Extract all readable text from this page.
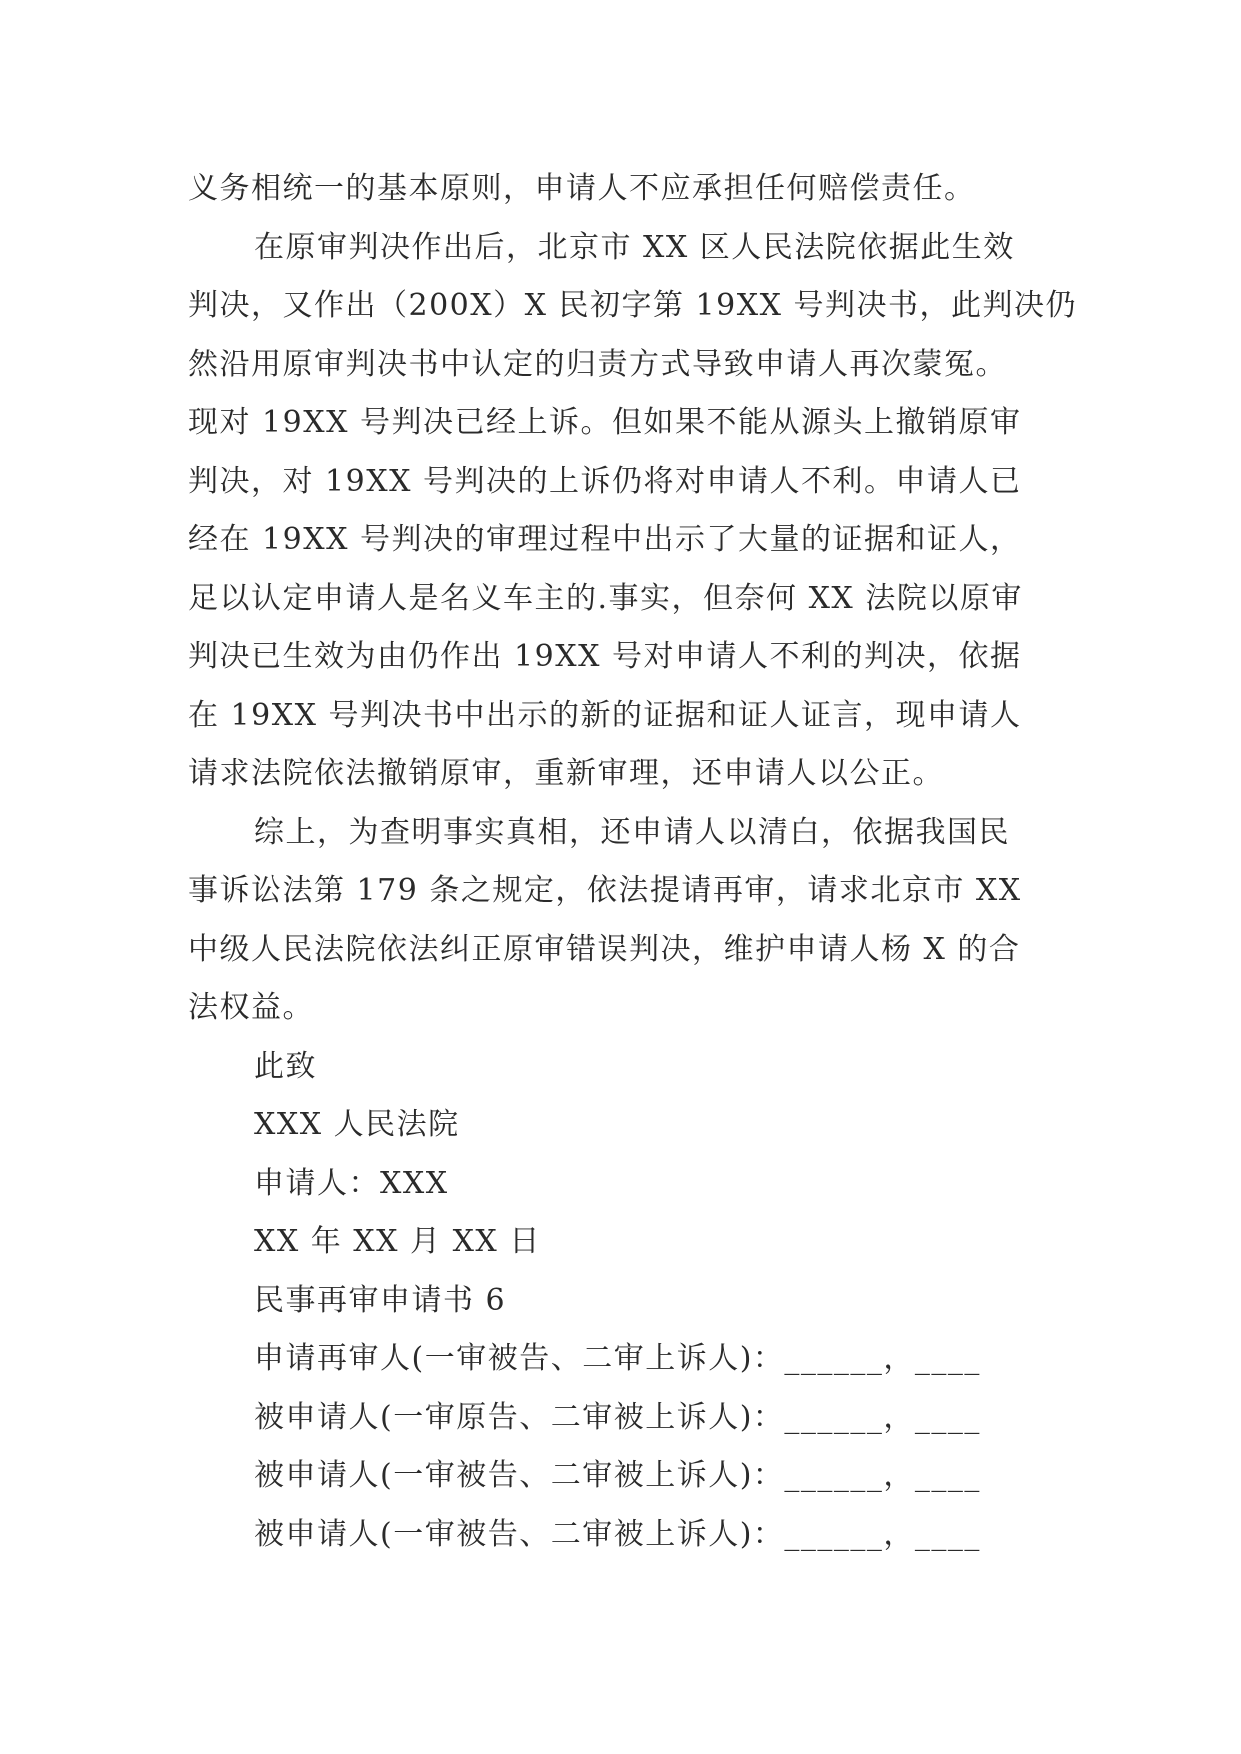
义务相统一的基本原则，申请人不应承担任何赔偿责任。
在原审判决作出后，北京市 XX 区人民法院依据此生效
判决，又作出（200X）X 民初字第 19XX 号判决书，此判决仍
然沿用原审判决书中认定的归责方式导致申请人再次蒙冤。
现对 19XX 号判决已经上诉。但如果不能从源头上撤销原审
判决，对 19XX 号判决的上诉仍将对申请人不利。申请人已
经在 19XX 号判决的审理过程中出示了大量的证据和证人，
足以认定申请人是名义车主的.事实，但奈何 XX 法院以原审
判决已生效为由仍作出 19XX 号对申请人不利的判决，依据
在 19XX 号判决书中出示的新的证据和证人证言，现申请人
请求法院依法撤销原审，重新审理，还申请人以公正。
综上，为查明事实真相，还申请人以清白，依据我国民
事诉讼法第 179 条之规定，依法提请再审，请求北京市 XX
中级人民法院依法纠正原审错误判决，维护申请人杨 X 的合
法权益。
此致
XXX 人民法院
申请人：XXX
XX 年 XX 月 XX 日
民事再审申请书 6
申请再审人(一审被告、二审上诉人)：______，____
被申请人(一审原告、二审被上诉人)：______，____
被申请人(一审被告、二审被上诉人)：______，____
被申请人(一审被告、二审被上诉人)：______，____
